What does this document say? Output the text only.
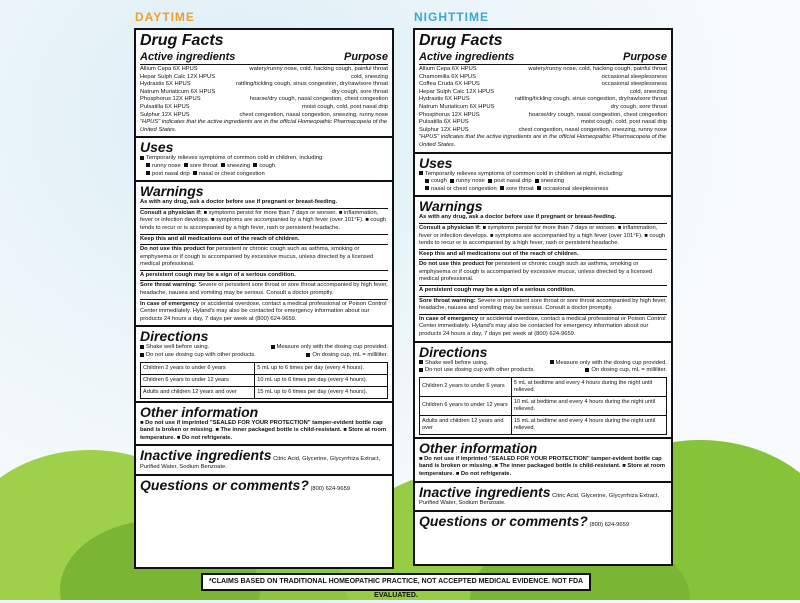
DAYTIME	NIGHTTIME
Drug Facts
Active ingredients	Purpose
Allium Cepa 6X HPUS	watery/runny nose, cold, hacking cough, painful throat
Hepar Sulph Calc 12X HPUS	cold, sneezing
Hydrastis 6X HPUS	rattling/tickling cough, sinus congestion, dry/raw/sore throat
Natrum Muriaticum 6X HPUS	dry cough, sore throat
Phosphorus 12X HPUS	hoarse/dry cough, nasal congestion, chest congestion
Pulsatilla 6X HPUS	moist cough, cold, post nasal drip
Sulphur 12X HPUS	chest congestion, nasal congestion, sneezing, runny nose
"HPUS" indicates that the active ingredients are in the official Homeopathic Pharmacopeia of the United States.
Uses
Temporarily relieves symptoms of common cold in children, including:
runny nose sore throat sneezing cough
post nasal drip nasal or chest congestion
Warnings
As with any drug, ask a doctor before use if pregnant or breast-feeding.
Consult a physician if: ■ symptoms persist for more than 7 days or worsen. ■ inflammation, fever or infection develops. ■ symptoms are accompanied by a high fever (over 101°F). ■ cough tends to recur or is accompanied by a high fever, rash or persistent headache.
Keep this and all medications out of the reach of children.
Do not use this product for persistent or chronic cough such as asthma, smoking or emphysema or if cough is accompanied by excessive mucus, unless directed by a licensed medical professional.
A persistent cough may be a sign of a serious condition.
Sore throat warning: Severe or persistent sore throat or sore throat accompanied by high fever, headache, nausea and vomiting may be serious. Consult a doctor promptly.
In case of emergency or accidental overdose, contact a medical professional or Poison Control Center immediately. Hyland's may also be contacted for emergency information about our products 24 hours a day, 7 days per week at (800) 624-9659.
Directions
Shake well before using.	Measure only with the dosing cup provided.
Do not use dosing cup with other products.	On dosing cup, mL = milliliter.
Children 2 years to under 6 years	5 mL up to 6 times per day (every 4 hours).
Children 6 years to under 12 years	10 mL up to 6 times per day (every 4 hours).
Adults and children 12 years and over	15 mL up to 6 times per day (every 4 hours).
Other information
■ Do not use if imprinted "SEALED FOR YOUR PROTECTION" tamper-evident bottle cap band is broken or missing. ■ The inner packaged bottle is child-resistant. ■ Store at room temperature. ■ Do not refrigerate.
Inactive ingredients Citric Acid, Glycerine, Glycyrrhiza Extract, Purified Water, Sodium Benzoate.
Questions or comments? (800) 624-9659
Drug Facts
Active ingredients	Purpose
Allium Cepa 6X HPUS	watery/runny nose, cold, hacking cough, painful throat
Chamomilla 6X HPUS	occasional sleeplessness
Coffea Cruda 6X HPUS	occasional sleeplessness
Hepar Sulph Calc 12X HPUS	cold, sneezing
Hydrastis 6X HPUS	rattling/tickling cough, sinus congestion, dry/raw/sore throat
Natrum Muriaticum 6X HPUS	dry cough, sore throat
Phosphorus 12X HPUS	hoarse/dry cough, nasal congestion, chest congestion
Pulsatilla 6X HPUS	moist cough, cold, post nasal drip
Sulphur 12X HPUS	chest congestion, nasal congestion, sneezing, runny nose
"HPUS" indicates that the active ingredients are in the official Homeopathic Pharmacopeia of the United States.
Uses
Temporarily relieves symptoms of common cold in children at night, including:
cough runny nose post nasal drip sneezing
nasal or chest congestion sore throat occasional sleeplessness
Warnings
As with any drug, ask a doctor before use if pregnant or breast-feeding.
Consult a physician if: ■ symptoms persist for more than 7 days or worsen. ■ inflammation, fever or infection develops. ■ symptoms are accompanied by a high fever (over 101°F). ■ cough tends to recur or is accompanied by a high fever, rash or persistent headache.
Keep this and all medications out of the reach of children.
Do not use this product for persistent or chronic cough such as asthma, smoking or emphysema or if cough is accompanied by excessive mucus, unless directed by a licensed medical professional.
A persistent cough may be a sign of a serious condition.
Sore throat warning: Severe or persistent sore throat or sore throat accompanied by high fever, headache, nausea and vomiting may be serious. Consult a doctor promptly.
In case of emergency or accidental overdose, contact a medical professional or Poison Control Center immediately. Hyland's may also be contacted for emergency information about our products 24 hours a day, 7 days per week at (800) 624-9659.
Directions
Shake well before using.	Measure only with the dosing cup provided.
Do not use dosing cup with other products.	On dosing cup, mL = milliliter.
Children 2 years to under 6 years	5 mL at bedtime and every 4 hours during the night until relieved.
Children 6 years to under 12 years	10 mL at bedtime and every 4 hours during the night until relieved.
Adults and children 12 years and over	15 mL at bedtime and every 4 hours during the night until relieved.
Other information
■ Do not use if imprinted "SEALED FOR YOUR PROTECTION" tamper-evident bottle cap band is broken or missing. ■ The inner packaged bottle is child-resistant. ■ Store at room temperature. ■ Do not refrigerate.
Inactive ingredients Citric Acid, Glycerine, Glycyrrhiza Extract, Purified Water, Sodium Benzoate.
Questions or comments? (800) 624-9659
*CLAIMS BASED ON TRADITIONAL HOMEOPATHIC PRACTICE, NOT ACCEPTED MEDICAL EVIDENCE. NOT FDA EVALUATED.
